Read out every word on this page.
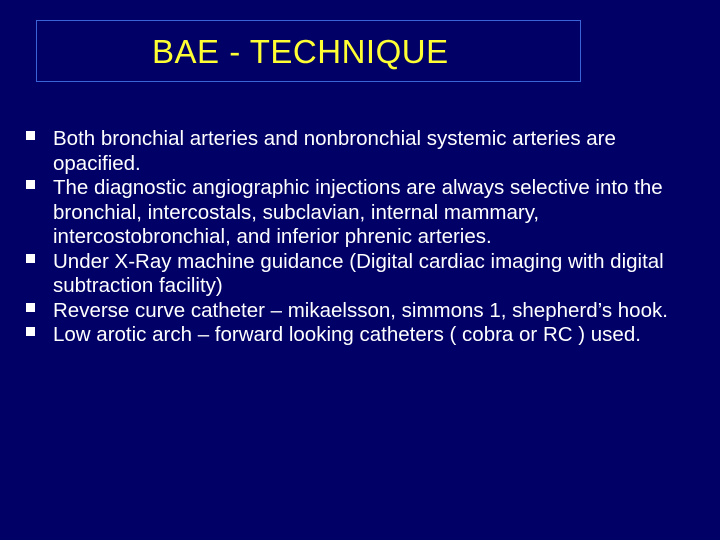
BAE - TECHNIQUE
Both bronchial arteries and nonbronchial systemic arteries are opacified.
The diagnostic angiographic injections are always selective into the bronchial, intercostals, subclavian, internal mammary, intercostobronchial, and inferior phrenic arteries.
Under X-Ray machine guidance (Digital cardiac imaging with digital subtraction facility)
Reverse curve catheter – mikaelsson, simmons 1, shepherd’s hook.
Low arotic arch – forward looking catheters ( cobra or RC ) used.
